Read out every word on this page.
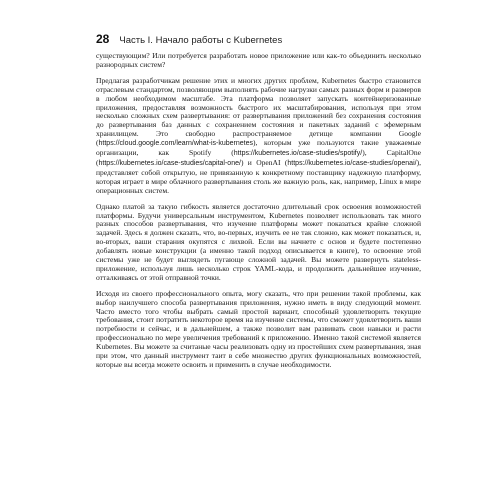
28 Часть I. Начало работы с Kubernetes

существующим? Или потребуется разработать новое приложение или как-то объединить несколько разнородных систем?

Предлагая разработчикам решение этих и многих других проблем, Kubernetes быстро становится отраслевым стандартом, позволяющим выполнять рабочие нагрузки самых разных форм и размеров в любом необходимом масштабе. Эта платформа позволяет запускать контейнеризованные приложения, предоставляя возможность быстрого их масштабирования, используя при этом несколько сложных схем развертывания: от развертывания приложений без сохранения состояния до развертывания баз данных с сохранением состояния и пакетных заданий с эфемерным хранилищем. Это свободно распространяемое детище компании Google (https://cloud.google.com/learn/what-is-kubernetes), которым уже пользуются такие уважаемые организации, как Spotify (https://kubernetes.io/case-studies/spotify/), CapitalOne (https://kubernetes.io/case-studies/capital-one/) и OpenAI (https://kubernetes.io/case-studies/openai/), представляет собой открытую, не привязанную к конкретному поставщику надежную платформу, которая играет в мире облачного развертывания столь же важную роль, как, например, Linux в мире операционных систем.

Однако платой за такую гибкость является достаточно длительный срок освоения возможностей платформы. Будучи универсальным инструментом, Kubernetes позволяет использовать так много разных способов развертывания, что изучение платформы может показаться крайне сложной задачей. Здесь я должен сказать, что, во-первых, изучить ее не так сложно, как может показаться, и, во-вторых, ваши старания окупятся с лихвой. Если вы начнете с основ и будете постепенно добавлять новые конструкции (а именно такой подход описывается в книге), то освоение этой системы уже не будет выглядеть пугающе сложной задачей. Вы можете развернуть stateless-приложение, используя лишь несколько строк YAML-кода, и продолжить дальнейшее изучение, отталкиваясь от этой отправной точки.

Исходя из своего профессионального опыта, могу сказать, что при решении такой проблемы, как выбор наилучшего способа развертывания приложения, нужно иметь в виду следующий момент. Часто вместо того чтобы выбрать самый простой вариант, способный удовлетворить текущие требования, стоит потратить некоторое время на изучение системы, что сможет удовлетворить ваши потребности и сейчас, и в дальнейшем, а также позволит вам развивать свои навыки и расти профессионально по мере увеличения требований к приложению. Именно такой системой является Kubernetes. Вы можете за считаные часы реализовать одну из простейших схем развертывания, зная при этом, что данный инструмент таит в себе множество других функциональных возможностей, которые вы всегда можете освоить и применить в случае необходимости.
